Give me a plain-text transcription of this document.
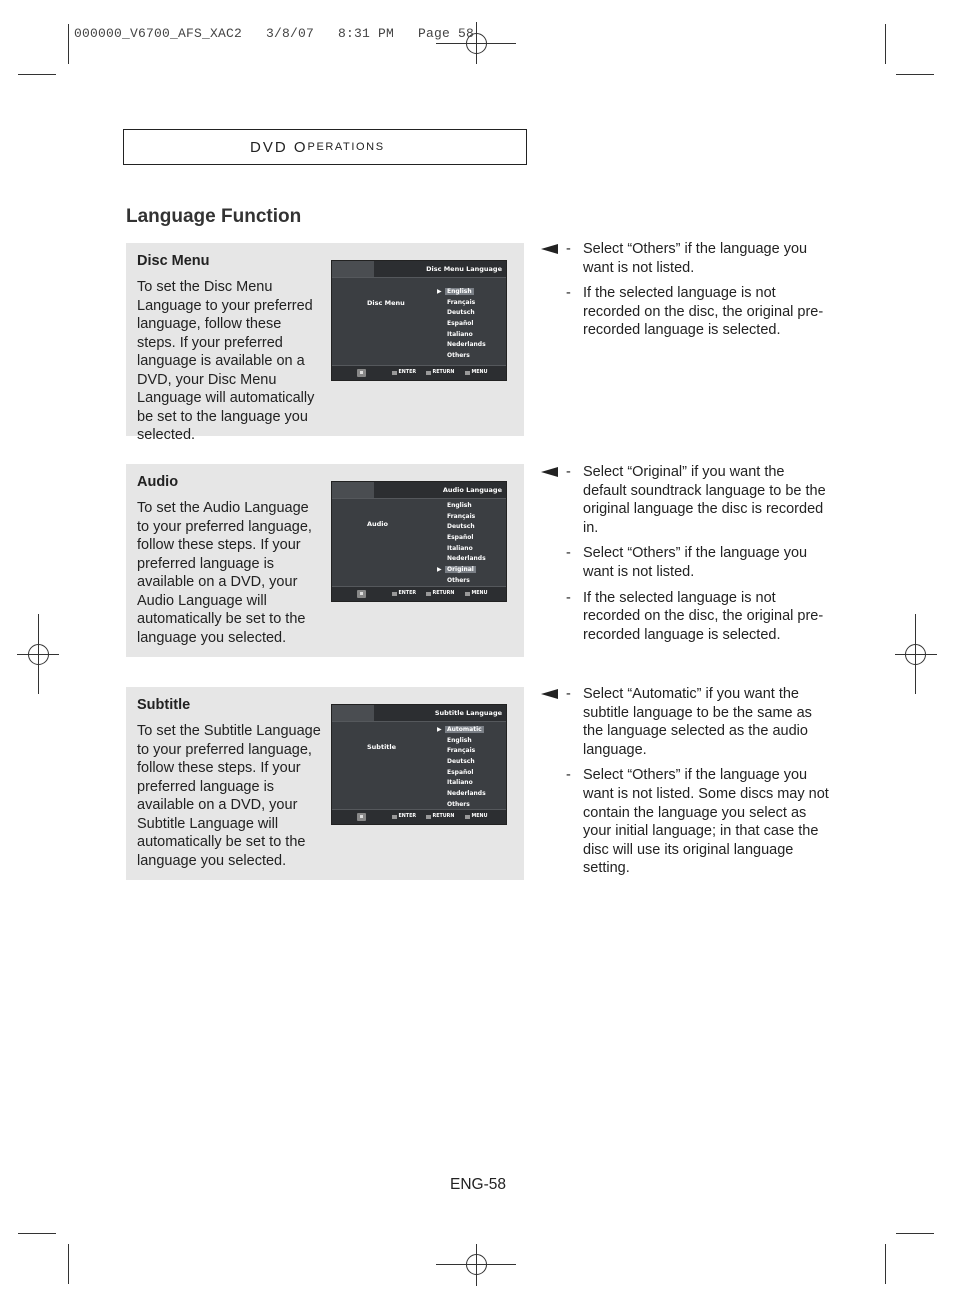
000000_V6700_AFS_XAC2   3/8/07   8:31 PM   Page 58
DVD O PERATIONS
Language Function
Disc Menu
To set the Disc Menu Language to your preferred language, follow these steps. If your preferred language is available on a DVD, your Disc Menu Language will automatically be set to the language you selected.
Disc Menu Language
Disc Menu
▶ English
Français
Deutsch
Español
Italiano
Nederlands
Others
ENTER	RETURN	MENU
- Select “Others” if the language you want is not listed.
- If the selected language is not recorded on the disc, the original pre-recorded language is selected.
Audio
To set the Audio Language to your preferred language, follow these steps. If your preferred language is available on a DVD, your Audio Language will automatically be set to the language you selected.
Audio Language
Audio
English
Français
Deutsch
Español
Italiano
Nederlands
▶ Original
Others
ENTER	RETURN	MENU
- Select “Original” if you want the default soundtrack language to be the original language the disc is recorded in.
- Select “Others” if the language you want is not listed.
- If the selected language is not recorded on the disc, the original pre-recorded language is selected.
Subtitle
To set the Subtitle Language to your preferred language, follow these steps. If your preferred language is available on a DVD, your Subtitle Language will automatically be set to the language you selected.
Subtitle Language
Subtitle
▶ Automatic
English
Français
Deutsch
Español
Italiano
Nederlands
Others
ENTER	RETURN	MENU
- Select “Automatic” if you want the subtitle language to be the same as the language selected as the audio language.
- Select “Others” if the language you want is not listed. Some discs may not contain the language you select as your initial language; in that case the disc will use its original language setting.
ENG-58
